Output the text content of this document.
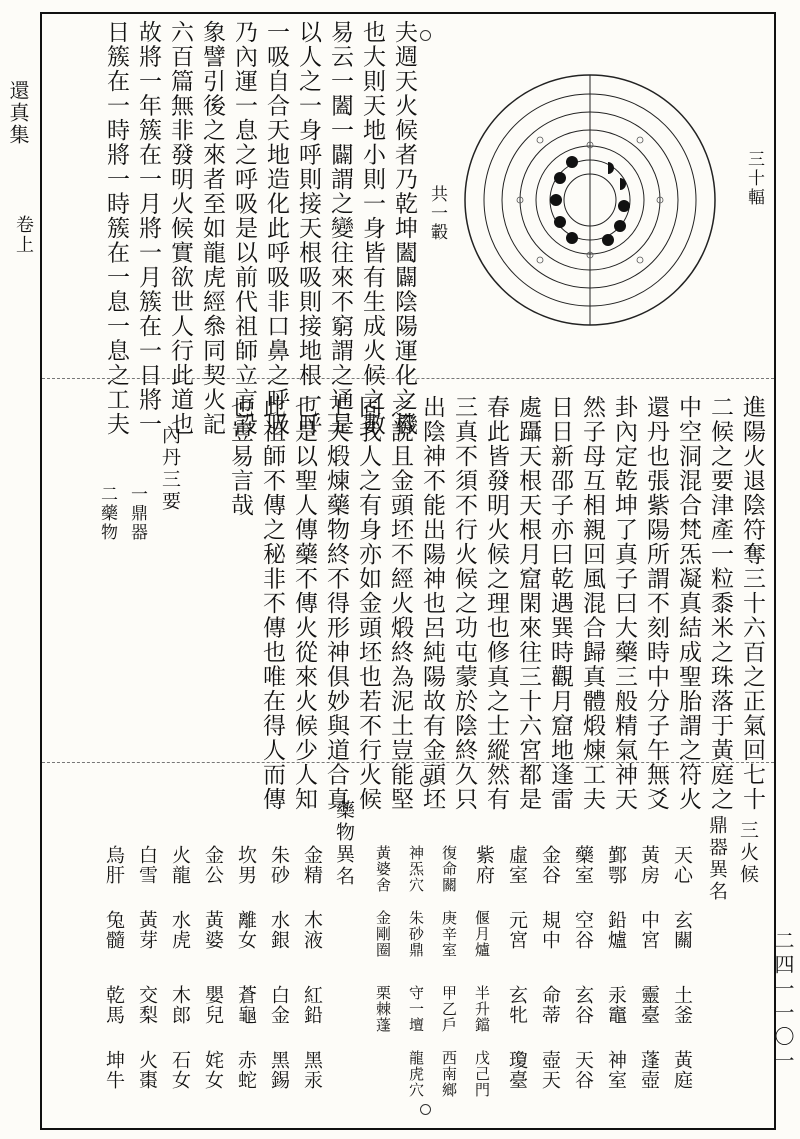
還真集
卷上
二四一一〇一
夫週天火候者乃乾坤闔闢陰陽運化之機
也大則天地小則一身皆有生成火候之數
易云一闔一闢謂之變往來不窮謂之通是
以人之一身呼則接天根吸則接地根一呼
一吸自合天地造化此呼吸非口鼻之呼吸
乃內運一息之呼吸是以前代祖師立言設
象譬引後之來者至如龍虎經叅同契火記
六百篇無非發明火候實欲世人行此道也
故將一年簇在一月將一月簇在一日將一
日簇在一時將一時簇在一息一息之工夫	共一轂
三十輻
進陽火退陰符奪三十六百之正氣回七十
二候之要津產一粒黍米之珠落于黃庭之
中空洞混合梵炁凝真結成聖胎謂之符火
還丹也張紫陽所謂不刻時中分子午無爻
卦內定乾坤了真子曰大藥三般精氣神天
然子母互相親回風混合歸真體煅煉工夫
日日新邵子亦曰乾遇巽時觀月窟地逢雷
處躡天根天根月窟閑來往三十六宮都是
春此皆發明火候之理也修真之士縱然有
三真不須不行火候之功屯蒙於陰終久只
出陰神不能出陽神也呂純陽故有金頭坯
之說且金頭坯不經火煅終為泥土豈能堅
固我人之有身亦如金頭坯也若不行火候
工夫煅煉藥物終不得形神俱妙與道合真
也是以聖人傳藥不傳火從來火候少人知
此祖師不傳之秘非不傳也唯在得人而傳
也豈易言哉
內丹三要
一鼎器
二藥物
三火候
鼎器異名
藥物異名	天心
玄關
土釜
黃庭
黃房
中宮
靈臺
蓬壺
鄞鄂
鉛爐
汞竈
神室
藥室
空谷
玄谷
天谷
金谷
規中
命蒂
壺天
虛室
元宮
玄牝
瓊臺
紫府
偃月爐
半升鐺
戊己門
復命關
庚辛室
甲乙戶
西南鄉
神炁穴
朱砂鼎
守一壇
龍虎穴
黃婆舍
金剛圈
栗棘蓬
金精
木液
紅鉛
黑汞
朱砂
水銀
白金
黑錫
坎男
離女
蒼龜
赤蛇
金公
黃婆
嬰兒
姹女
火龍
水虎
木郎
石女
白雪
黃芽
交梨
火棗
烏肝
兔髓
乾馬
坤牛
